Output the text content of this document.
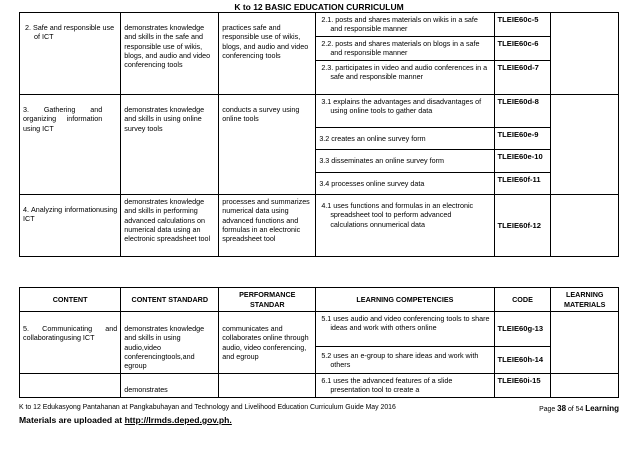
K to 12 BASIC EDUCATION CURRICULUM
2. Safe and responsible use of ICT	demonstrates knowledge and skills in the safe and responsible use of wikis, blogs, and audio and video conferencing tools	practices safe and responsible use of wikis, blogs, and audio and video conferencing tools	2.1. posts and shares materials on wikis in a safe and responsible manner	TLEIE60c-5	
			2.2. posts and shares materials on blogs in a safe and responsible manner	TLEIE60c-6	
			2.3. participates in video and audio conferences in a safe and responsible manner	TLEIE60d-7	
3. Gathering and organizing information using ICT	demonstrates knowledge and skills in using online survey tools	conducts a survey using online tools	3.1 explains the advantages and disadvantages of using online tools to gather data	TLEIE60d-8	
			3.2 creates an online survey form	TLEIE60e-9	
			3.3 disseminates an online survey form	TLEIE60e-10	
			3.4 processes online survey data	TLEIE60f-11	
4. Analyzing informationusing ICT	demonstrates knowledge and skills in performing advanced calculations on numerical data using an electronic spreadsheet tool	processes and summarizes numerical data using advanced functions and formulas in an electronic spreadsheet tool	4.1 uses functions and formulas in an electronic spreadsheet tool to perform advanced calculations onnumerical data	TLEIE60f-12	
CONTENT	CONTENT STANDARD	PERFORMANCE STANDAR	LEARNING COMPETENCIES	CODE	LEARNING MATERIALS
5. Communicating and collaboratingusing ICT	demonstrates knowledge and skills in using audio,video conferencingtools,and egroup	communicates and collaborates online through audio, video conferencing, and egroup	5.1 uses audio and video conferencing tools to share ideas and work with others online	TLEIE60g-13	
			5.2 uses an e-group to share ideas and work with others	TLEIE60h-14	
	demonstrates		6.1 uses the advanced features of a slide presentation tool to create a	TLEIE60i-15	
K to 12 Edukasyong Pantahanan at Pangkabuhayan and Technology and Livelihood Education Curriculum Guide May 2016	Page 38 of 54 Learning
Materials are uploaded at http://lrmds.deped.gov.ph.
